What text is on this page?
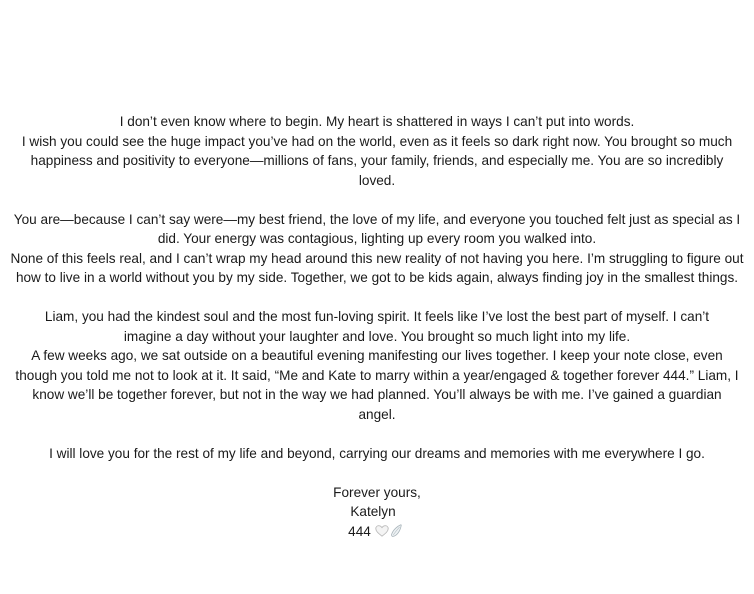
I don’t even know where to begin. My heart is shattered in ways I can’t put into words.

I wish you could see the huge impact you’ve had on the world, even as it feels so dark right now. You brought so much happiness and positivity to everyone—millions of fans, your family, friends, and especially me. You are so incredibly loved.

You are—because I can’t say were—my best friend, the love of my life, and everyone you touched felt just as special as I did. Your energy was contagious, lighting up every room you walked into.

None of this feels real, and I can’t wrap my head around this new reality of not having you here. I’m struggling to figure out how to live in a world without you by my side. Together, we got to be kids again, always finding joy in the smallest things.

Liam, you had the kindest soul and the most fun-loving spirit. It feels like I’ve lost the best part of myself. I can’t imagine a day without your laughter and love. You brought so much light into my life.

A few weeks ago, we sat outside on a beautiful evening manifesting our lives together. I keep your note close, even though you told me not to look at it. It said, “Me and Kate to marry within a year/engaged & together forever 444.” Liam, I know we’ll be together forever, but not in the way we had planned. You’ll always be with me. I’ve gained a guardian angel.

I will love you for the rest of my life and beyond, carrying our dreams and memories with me everywhere I go.

Forever yours,

Katelyn

444
